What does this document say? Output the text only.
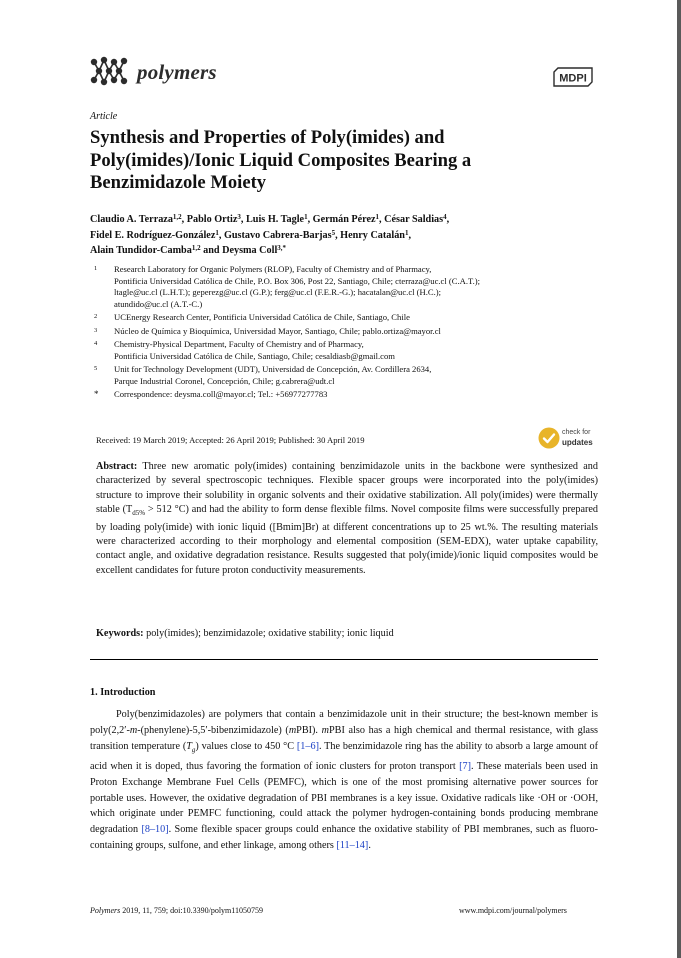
polymers	MDPI
Article
Synthesis and Properties of Poly(imides) and Poly(imides)/Ionic Liquid Composites Bearing a Benzimidazole Moiety
Claudio A. Terraza$^{1,2}$, Pablo Ortiz$^3$, Luis H. Tagle$^1$, Germán Pérez$^1$, César Saldias$^4$,
Fidel E. Rodríguez-González$^1$, Gustavo Cabrera-Barjas$^5$, Henry Catalán$^1$,
Alain Tundidor-Camba$^{1,2}$ and Deysma Coll$^{3,*}$
1 Research Laboratory for Organic Polymers (RLOP), Faculty of Chemistry and of Pharmacy,
Pontificia Universidad Católica de Chile, P.O. Box 306, Post 22, Santiago, Chile; cterraza@uc.cl (C.A.T.);
ltagle@uc.cl (L.H.T.); geperezg@uc.cl (G.P.); ferg@uc.cl (F.E.R.-G.); hacatalan@uc.cl (H.C.);
atundido@uc.cl (A.T.-C.)
2 UCEnergy Research Center, Pontificia Universidad Católica de Chile, Santiago, Chile
3 Núcleo de Química y Bioquímica, Universidad Mayor, Santiago, Chile; pablo.ortiza@mayor.cl
4 Chemistry-Physical Department, Faculty of Chemistry and of Pharmacy,
Pontificia Universidad Católica de Chile, Santiago, Chile; cesaldiasb@gmail.com
5 Unit for Technology Development (UDT), Universidad de Concepción, Av. Cordillera 2634,
Parque Industrial Coronel, Concepción, Chile; g.cabrera@udt.cl
* Correspondence: deysma.coll@mayor.cl; Tel.: +56977277783
Received: 19 March 2019; Accepted: 26 April 2019; Published: 30 April 2019
check for
updates
Abstract: Three new aromatic poly(imides) containing benzimidazole units in the backbone were synthesized and characterized by several spectroscopic techniques. Flexible spacer groups were incorporated into the poly(imides) structure to improve their solubility in organic solvents and their oxidative stabilization. All poly(imides) were thermally stable ($T_{d5\%} > 512$ °C) and had the ability to form dense flexible films. Novel composite films were successfully prepared by loading poly(imide) with ionic liquid ([Bmim]Br) at different concentrations up to 25 wt.%. The resulting materials were characterized according to their morphology and elemental composition (SEM-EDX), water uptake capability, contact angle, and oxidative degradation resistance. Results suggested that poly(imide)/ionic liquid composites would be excellent candidates for future proton conductivity measurements.
Keywords: poly(imides); benzimidazole; oxidative stability; ionic liquid
1. Introduction
Poly(benzimidazoles) are polymers that contain a benzimidazole unit in their structure; the best-known member is poly(2,2′-m-(phenylene)-5,5′-bibenzimidazole) (mPBI). mPBI also has a high chemical and thermal resistance, with glass transition temperature $(T_g)$ values close to 450 °C [1–6]. The benzimidazole ring has the ability to absorb a large amount of acid when it is doped, thus favoring the formation of ionic clusters for proton transport [7]. These materials been used in Proton Exchange Membrane Fuel Cells (PEMFC), which is one of the most promising alternative power sources for portable uses. However, the oxidative degradation of PBI membranes is a key issue. Oxidative radicals like ·OH or ·OOH, which originate under PEMFC functioning, could attack the polymer hydrogen-containing bonds producing membrane degradation [8–10]. Some flexible spacer groups could enhance the oxidative stability of PBI membranes, such as fluoro-containing groups, sulfone, and ether linkage, among others [11–14].
Polymers 2019, 11, 759; doi:10.3390/polym11050759	www.mdpi.com/journal/polymers
